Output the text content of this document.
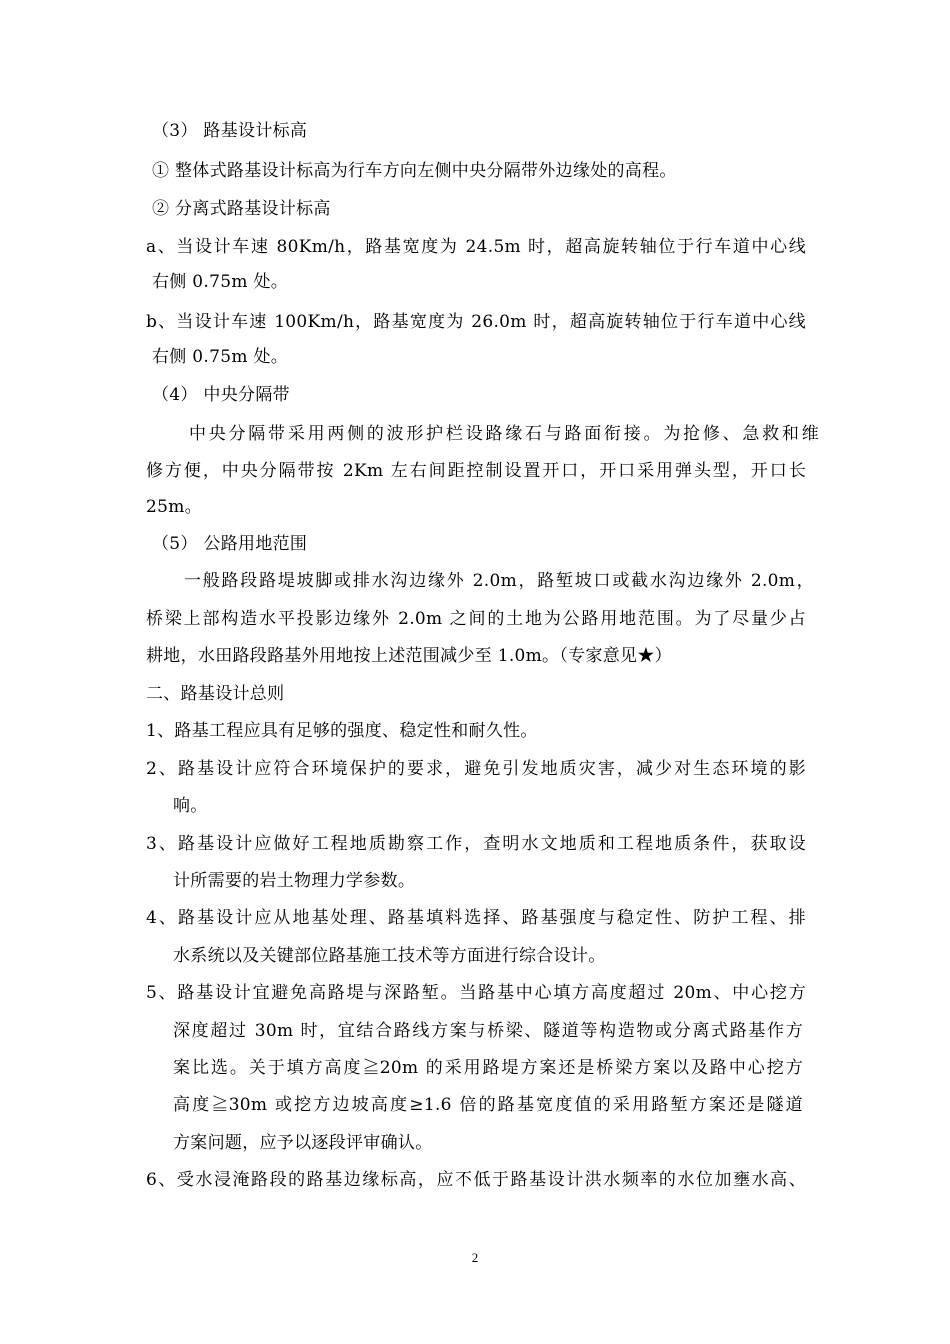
（3） 路基设计标高
① 整体式路基设计标高为行车方向左侧中央分隔带外边缘处的高程。
② 分离式路基设计标高
a、当设计车速 80Km/h，路基宽度为 24.5m 时，超高旋转轴位于行车道中心线
右侧 0.75m 处。
b、当设计车速 100Km/h，路基宽度为 26.0m 时，超高旋转轴位于行车道中心线
右侧 0.75m 处。
（4） 中央分隔带
中央分隔带采用两侧的波形护栏设路缘石与路面衔接。为抢修、急救和维
修方便，中央分隔带按 2Km 左右间距控制设置开口，开口采用弹头型，开口长
25m。
（5） 公路用地范围
一般路段路堤坡脚或排水沟边缘外 2.0m，路堑坡口或截水沟边缘外 2.0m，
桥梁上部构造水平投影边缘外 2.0m 之间的土地为公路用地范围。为了尽量少占
耕地，水田路段路基外用地按上述范围减少至 1.0m。（专家意见★）
二、路基设计总则
1、路基工程应具有足够的强度、稳定性和耐久性。
2、路基设计应符合环境保护的要求，避免引发地质灾害，减少对生态环境的影
响。
3、路基设计应做好工程地质勘察工作，查明水文地质和工程地质条件，获取设
计所需要的岩土物理力学参数。
4、路基设计应从地基处理、路基填料选择、路基强度与稳定性、防护工程、排
水系统以及关键部位路基施工技术等方面进行综合设计。
5、路基设计宜避免高路堤与深路堑。当路基中心填方高度超过 20m、中心挖方
深度超过 30m 时，宜结合路线方案与桥梁、隧道等构造物或分离式路基作方
案比选。关于填方高度≧20m 的采用路堤方案还是桥梁方案以及路中心挖方
高度≧30m 或挖方边坡高度≥1.6 倍的路基宽度值的采用路堑方案还是隧道
方案问题，应予以逐段评审确认。
6、受水浸淹路段的路基边缘标高，应不低于路基设计洪水频率的水位加壅水高、
2
